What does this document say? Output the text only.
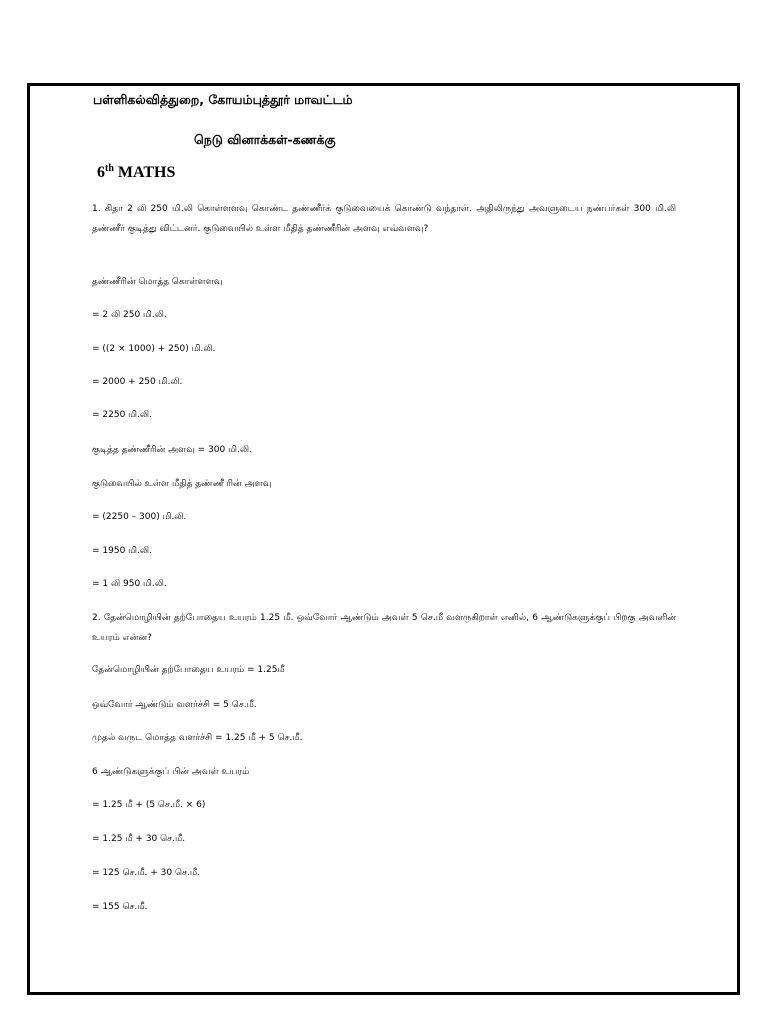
பள்ளிகல்வித்துறை, கோயம்புத்தூர் மாவட்டம்
நெடு வினாக்கள்-கணக்கு
6th MATHS
1. கிதா 2 லி 250 மி.லி கொள்ளளவு கொண்ட தண்ணீர்க் குடுவையைக் கொண்டு வந்தாள். அதிலிருந்து அவளுடைய நண்பர்கள் 300 மி.லி தண்ணீர் குடித்து விட்டனர். குடுவையில் உள்ள மீதித் தண்ணீரின் அளவு எவ்வளவு?
தண்ணீரின் மொத்த கொள்ளளவு
= 2 லி 250 மி.லி.
= ((2 × 1000) + 250) மி.லி.
= 2000 + 250 மி.லி.
= 2250 மி.லி.
குடித்த தண்ணீரின் அளவு = 300 மி.லி.
குடுவையில் உள்ள மீதித் தண்ணீ ரின் அளவு
= (2250 – 300) மி.லி.
= 1950 மி.லி.
= 1 லி 950 மி.லி.
2. தேன்மொழியின் தற்போதைய உயரம் 1.25 மீ. ஒவ்வோர் ஆண்டும் அவள் 5 செ.மீ வளருகிறாள் எனில், 6 ஆண்டுகளுக்குப் பிறகு அவளின் உயரம் என்ன?
தேன்மொழியின் தற்போதைய உயரம் = 1.25மீ
ஒவ்வோர் ஆண்டும் வளர்ச்சி = 5 செ.மீ.
முதல் வருட மொத்த வளர்ச்சி = 1.25 மீ + 5 செ.மீ.
6 ஆண்டுகளுக்குப் பின் அவள் உயரம்
= 1.25 மீ + (5 செ.மீ. × 6)
= 1.25 மீ + 30 செ.மீ.
= 125 செ.மீ. + 30 செ.மீ.
= 155 செ.மீ.
